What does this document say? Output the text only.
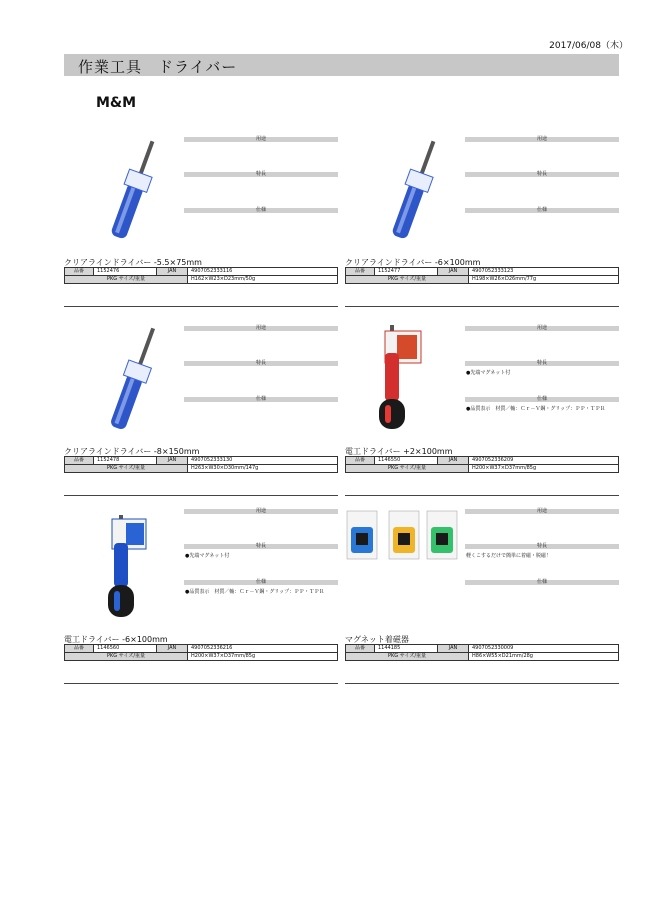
2017/06/08（木）
作業工具　ドライバー
M&M
用途
特長
仕様
クリアラインドライバー -5.5×75mm
品番	1152476	JAN	4907052333116
PKG サイズ/重量			H162×W23×D23mm/50g
用途
特長
仕様
クリアラインドライバー -6×100mm
品番	1152477	JAN	4907052333123
PKG サイズ/重量			H198×W26×D26mm/77g
用途
特長
仕様
クリアラインドライバー -8×150mm
品番	1152478	JAN	4907052333130
PKG サイズ/重量			H263×W30×D30mm/147g
用途
特長
●先端マグネット付
仕様
●品質表示　材質／軸：Ｃｒ－Ｖ鋼・グリップ：ＰＰ・ＴＰＲ
電工ドライバー +2×100mm
品番	1146550	JAN	4907052336209
PKG サイズ/重量			H200×W37×D37mm/85g
用途
特長
●先端マグネット付
仕様
●品質表示　材質／軸：Ｃｒ－Ｖ鋼・グリップ：ＰＰ・ＴＰＲ
電工ドライバー -6×100mm
品番	1146560	JAN	4907052336216
PKG サイズ/重量			H200×W37×D37mm/85g
用途
特長
軽くこするだけで簡単に着磁・脱磁！
仕様
マグネット着磁器
品番	1144185	JAN	4907052330009
PKG サイズ/重量			H86×W55×D21mm/28g
